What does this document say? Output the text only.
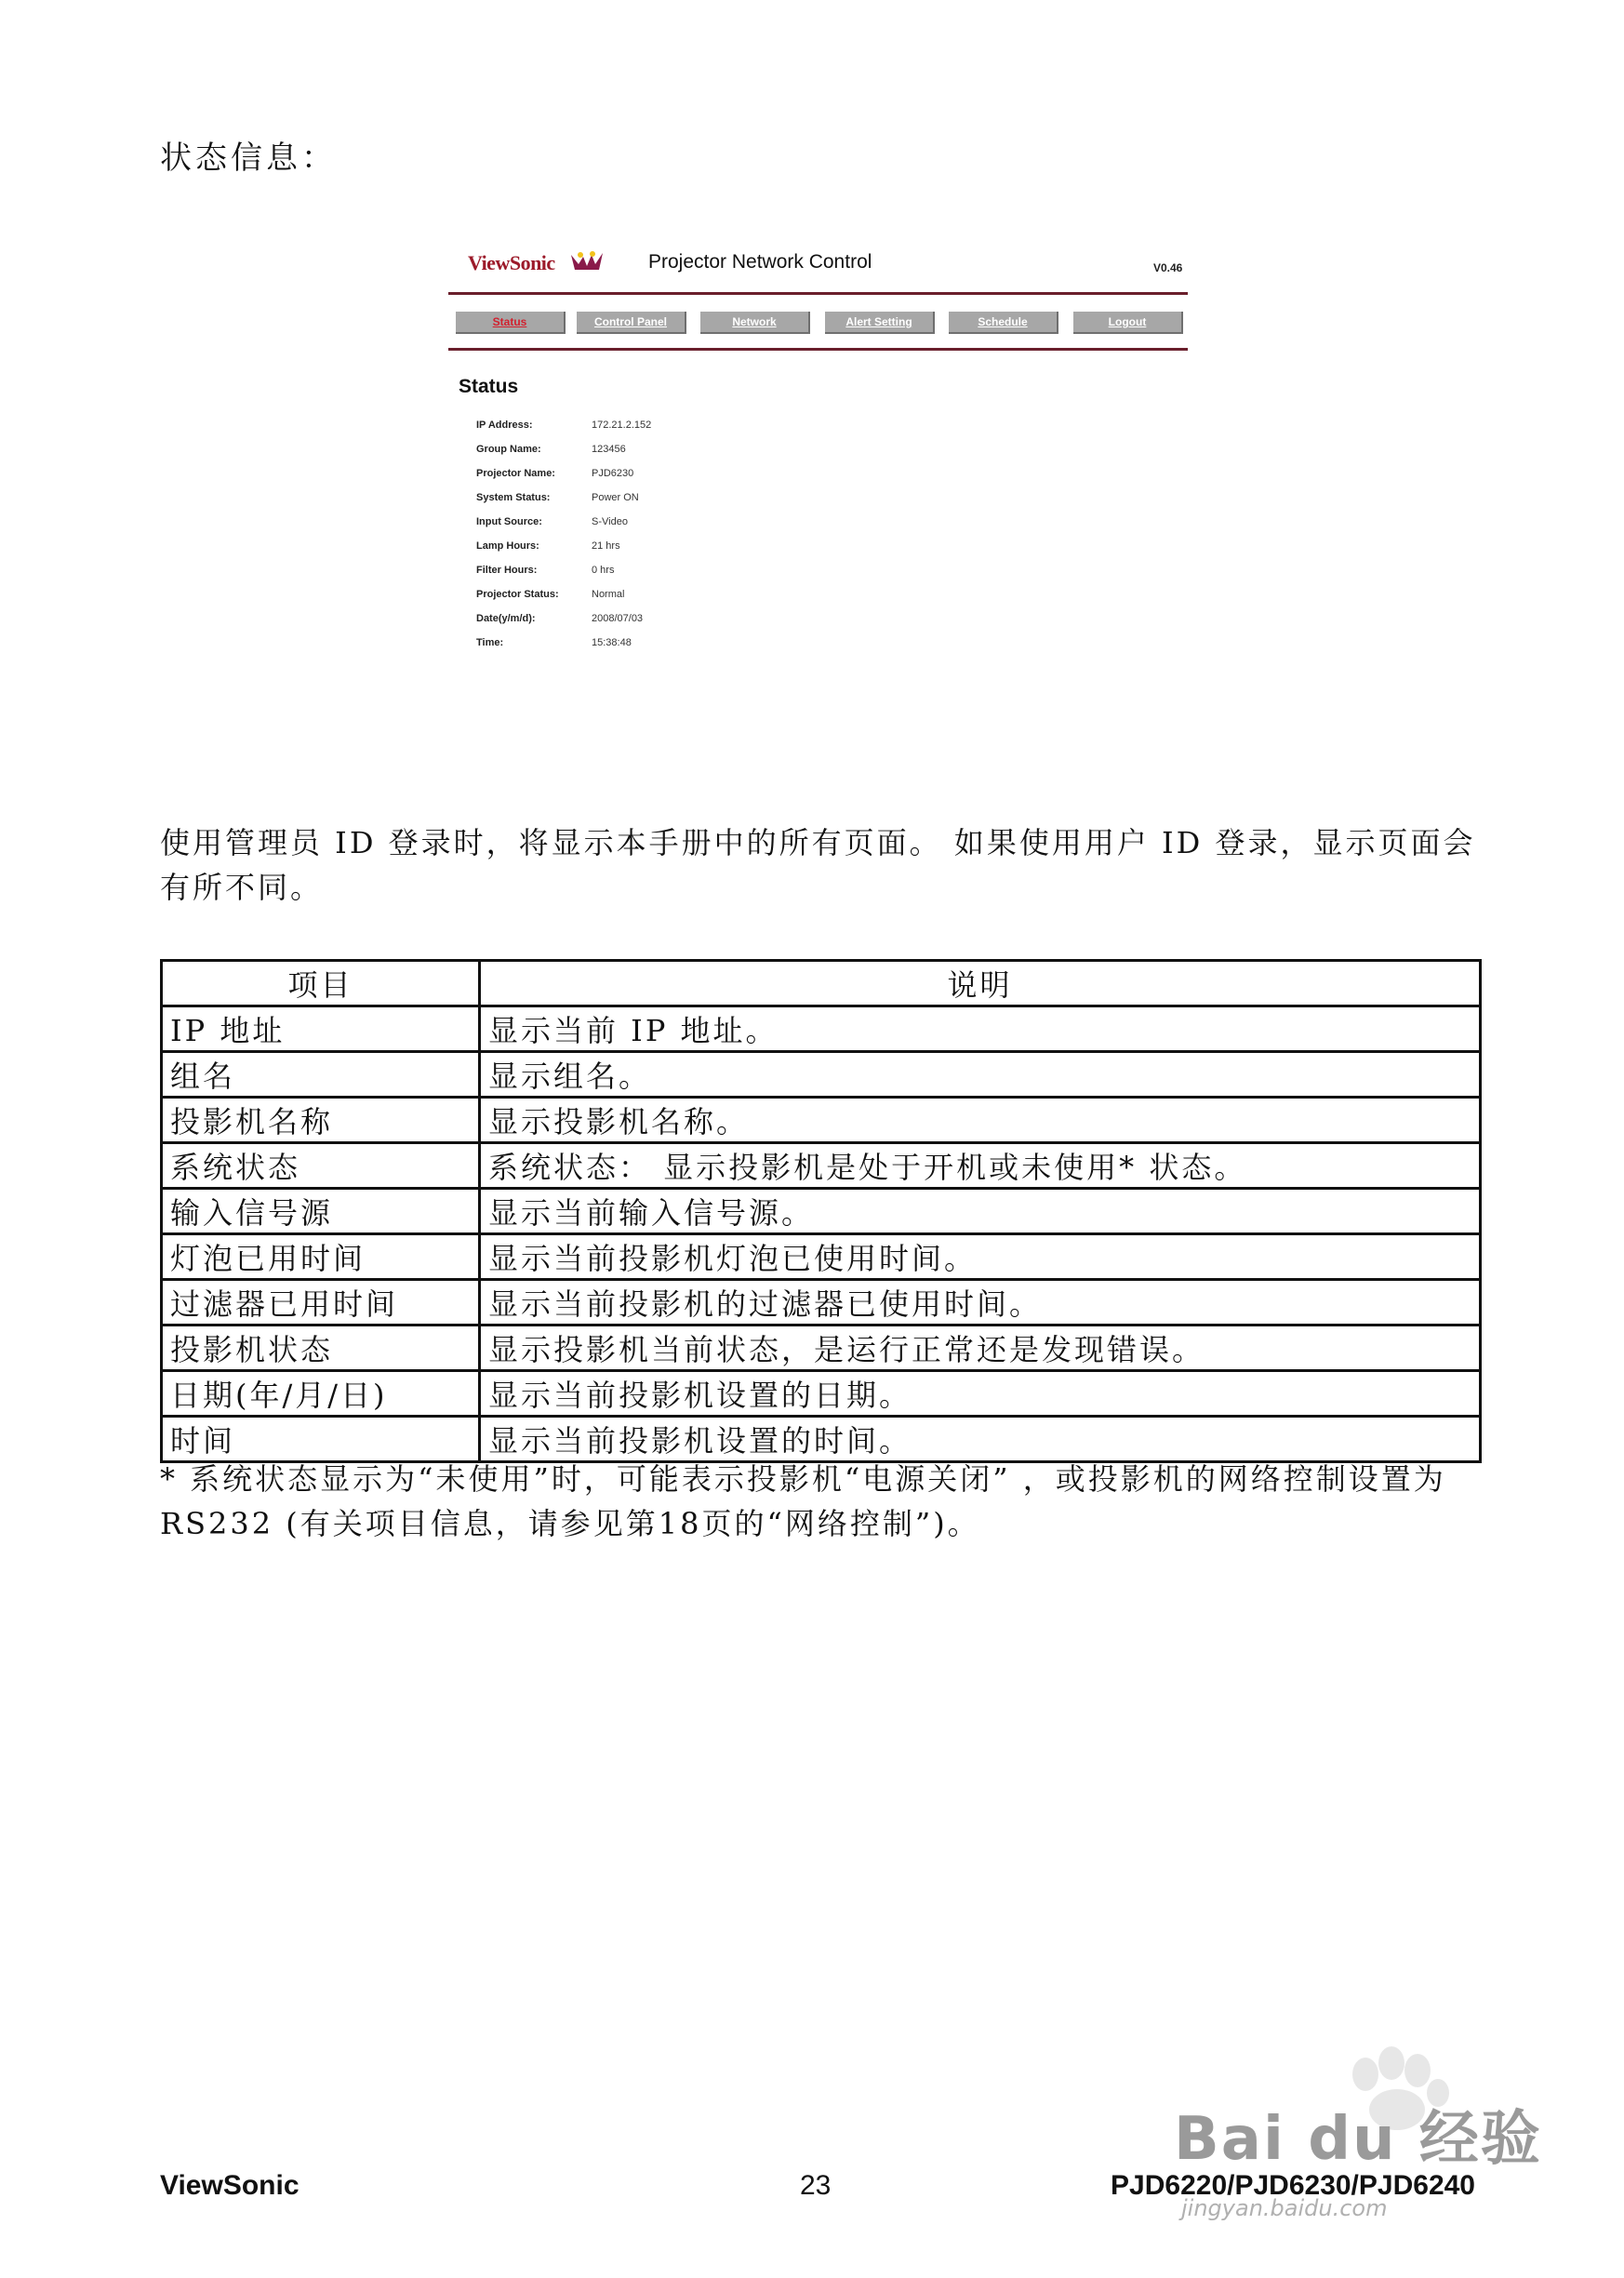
状态信息：
ViewSonic	Projector Network Control	V0.46
Status	Control Panel	Network	Alert Setting	Schedule	Logout
Status
IP Address:	172.21.2.152
Group Name:	123456
Projector Name:	PJD6230
System Status:	Power ON
Input Source:	S-Video
Lamp Hours:	21 hrs
Filter Hours:	0 hrs
Projector Status:	Normal
Date(y/m/d):	2008/07/03
Time:	15:38:48
使用管理员 ID 登录时，将显示本手册中的所有页面。 如果使用用户 ID 登录，显示页面会有所不同。
项目	说明
IP 地址	显示当前 IP 地址。
组名	显示组名。
投影机名称	显示投影机名称。
系统状态	系统状态： 显示投影机是处于开机或未使用* 状态。
输入信号源	显示当前输入信号源。
灯泡已用时间	显示当前投影机灯泡已使用时间。
过滤器已用时间	显示当前投影机的过滤器已使用时间。
投影机状态	显示投影机当前状态，是运行正常还是发现错误。
日期(年/月/日)	显示当前投影机设置的日期。
时间	显示当前投影机设置的时间。
* 系统状态显示为“未使用”时，可能表示投影机“电源关闭” ，或投影机的网络控制设置为 RS232 (有关项目信息，请参见第18页的“网络控制”)。
Bai du 经验
jingyan.baidu.com
ViewSonic	23	PJD6220/PJD6230/PJD6240
